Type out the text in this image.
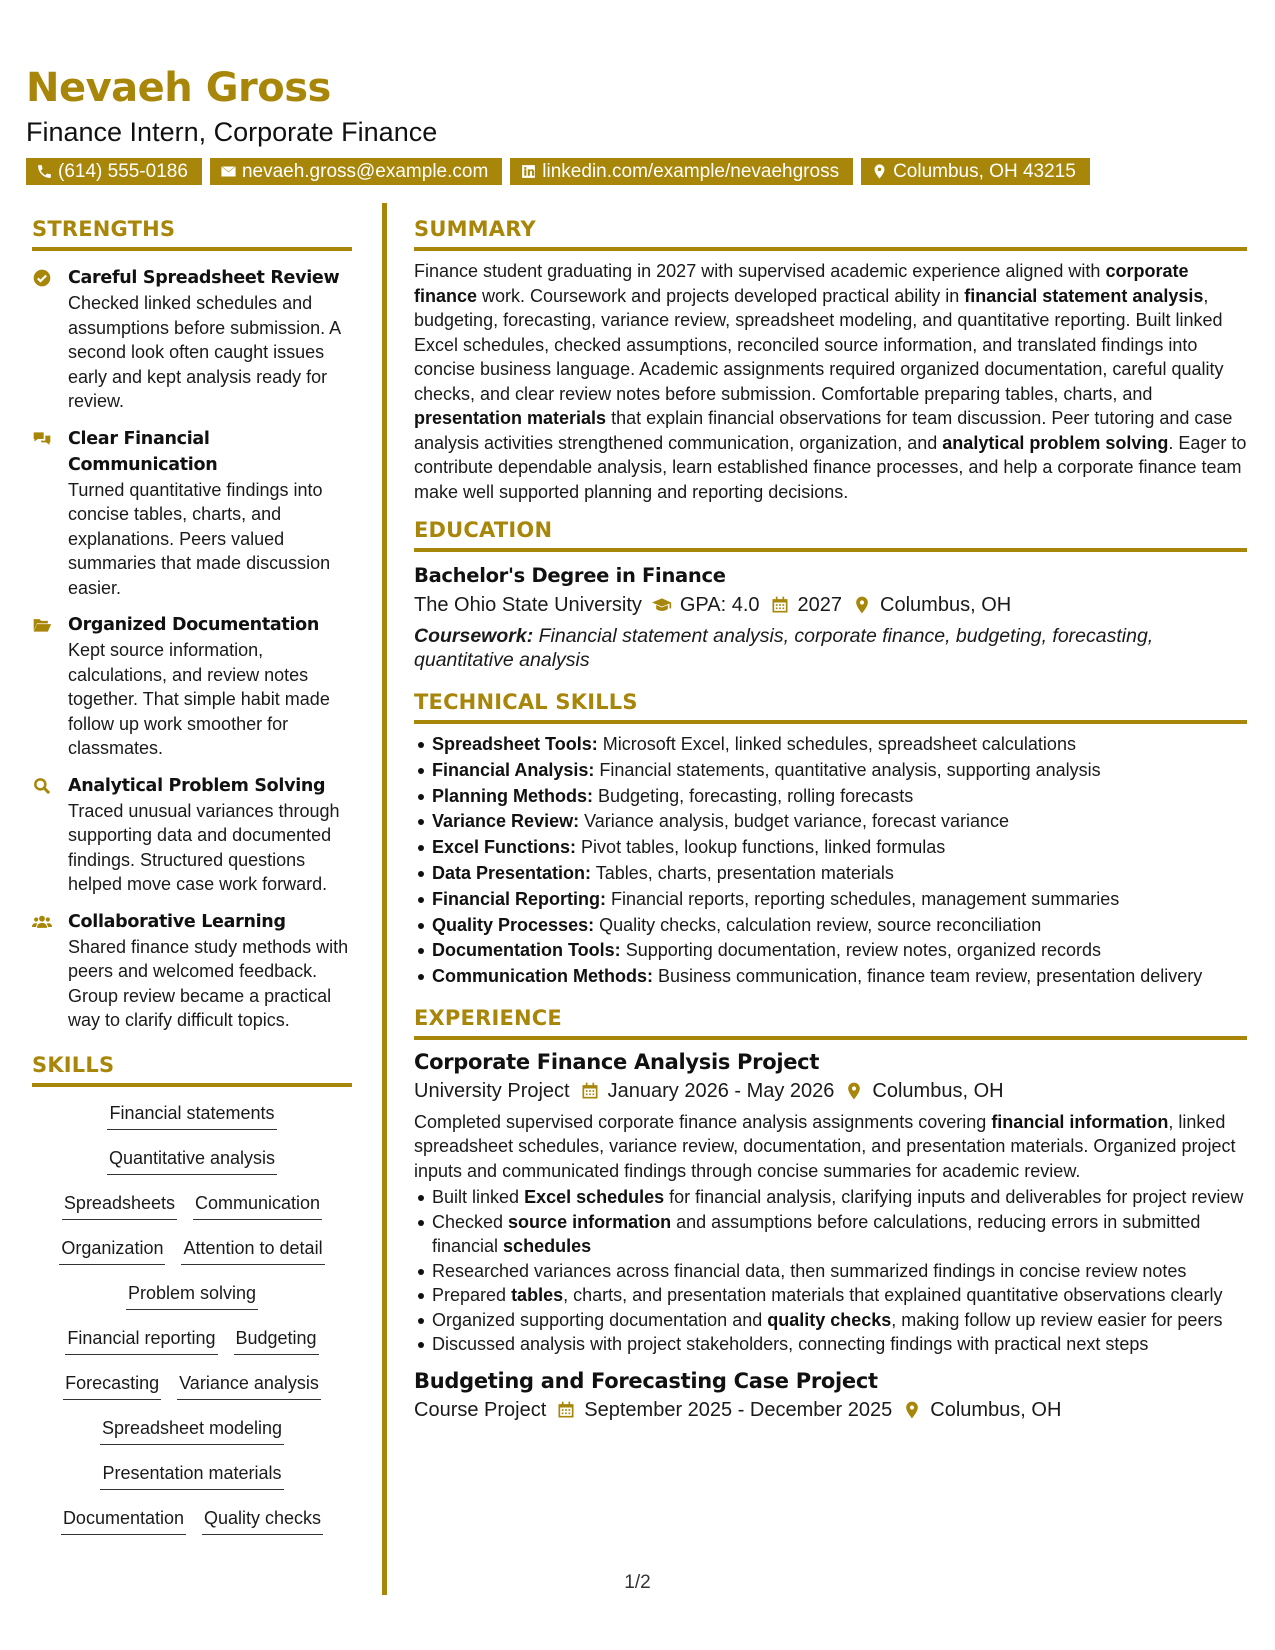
Nevaeh Gross
Finance Intern, Corporate Finance
(614) 555-0186	nevaeh.gross@example.com	linkedin.com/example/nevaehgross	Columbus, OH 43215
STRENGTHS
Careful Spreadsheet Review
Checked linked schedules and assumptions before submission. A second look often caught issues early and kept analysis ready for review.
Clear Financial Communication
Turned quantitative findings into concise tables, charts, and explanations. Peers valued summaries that made discussion easier.
Organized Documentation
Kept source information, calculations, and review notes together. That simple habit made follow up work smoother for classmates.
Analytical Problem Solving
Traced unusual variances through supporting data and documented findings. Structured questions helped move case work forward.
Collaborative Learning
Shared finance study methods with peers and welcomed feedback. Group review became a practical way to clarify difficult topics.
SKILLS
Financial statements
Quantitative analysis
Spreadsheets Communication
Organization Attention to detail
Problem solving
Financial reporting Budgeting
Forecasting Variance analysis
Spreadsheet modeling
Presentation materials
Documentation Quality checks
SUMMARY
Finance student graduating in 2027 with supervised academic experience aligned with corporate finance work. Coursework and projects developed practical ability in financial statement analysis, budgeting, forecasting, variance review, spreadsheet modeling, and quantitative reporting. Built linked Excel schedules, checked assumptions, reconciled source information, and translated findings into concise business language. Academic assignments required organized documentation, careful quality checks, and clear review notes before submission. Comfortable preparing tables, charts, and presentation materials that explain financial observations for team discussion. Peer tutoring and case analysis activities strengthened communication, organization, and analytical problem solving. Eager to contribute dependable analysis, learn established finance processes, and help a corporate finance team make well supported planning and reporting decisions.
EDUCATION
Bachelor's Degree in Finance
The Ohio State University GPA: 4.0 2027 Columbus, OH
Coursework: Financial statement analysis, corporate finance, budgeting, forecasting, quantitative analysis
TECHNICAL SKILLS
Spreadsheet Tools: Microsoft Excel, linked schedules, spreadsheet calculations
Financial Analysis: Financial statements, quantitative analysis, supporting analysis
Planning Methods: Budgeting, forecasting, rolling forecasts
Variance Review: Variance analysis, budget variance, forecast variance
Excel Functions: Pivot tables, lookup functions, linked formulas
Data Presentation: Tables, charts, presentation materials
Financial Reporting: Financial reports, reporting schedules, management summaries
Quality Processes: Quality checks, calculation review, source reconciliation
Documentation Tools: Supporting documentation, review notes, organized records
Communication Methods: Business communication, finance team review, presentation delivery
EXPERIENCE
Corporate Finance Analysis Project
University Project January 2026 - May 2026 Columbus, OH
Completed supervised corporate finance analysis assignments covering financial information, linked spreadsheet schedules, variance review, documentation, and presentation materials. Organized project inputs and communicated findings through concise summaries for academic review.
Built linked Excel schedules for financial analysis, clarifying inputs and deliverables for project review
Checked source information and assumptions before calculations, reducing errors in submitted financial schedules
Researched variances across financial data, then summarized findings in concise review notes
Prepared tables, charts, and presentation materials that explained quantitative observations clearly
Organized supporting documentation and quality checks, making follow up review easier for peers
Discussed analysis with project stakeholders, connecting findings with practical next steps
Budgeting and Forecasting Case Project
Course Project September 2025 - December 2025 Columbus, OH
1/2
